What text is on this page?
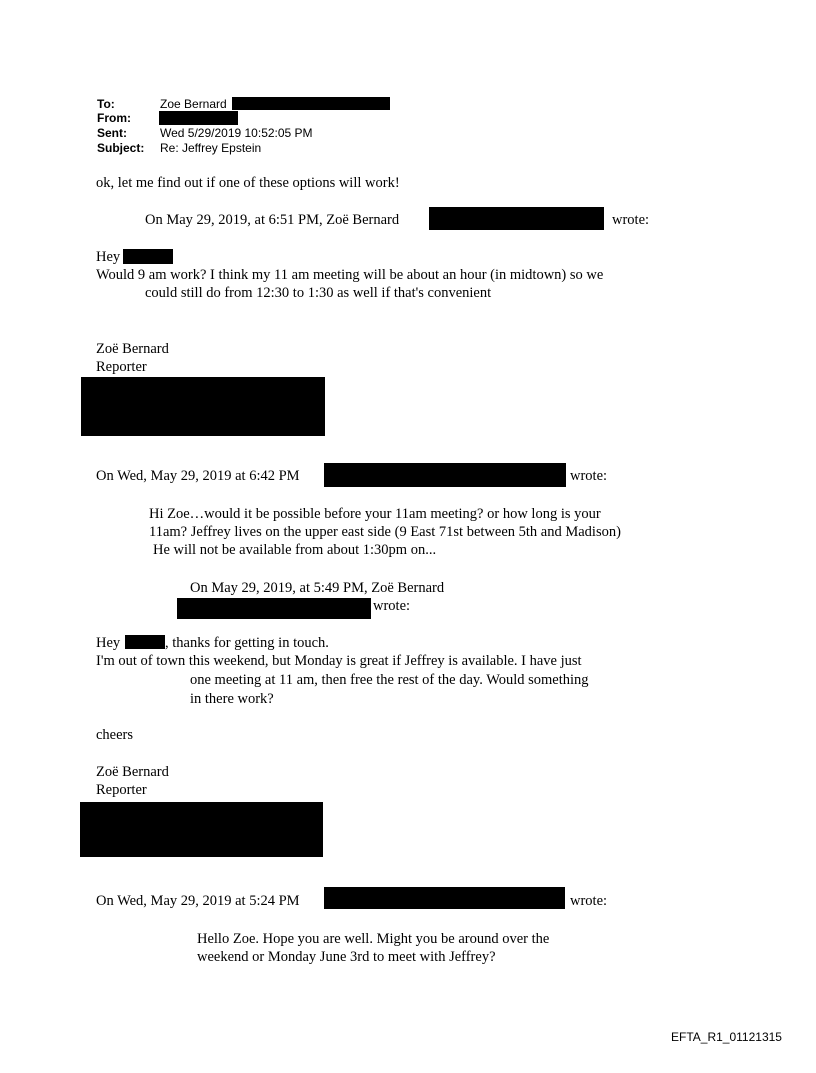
To:	Zoe Bernard
From:
Sent:	Wed 5/29/2019 10:52:05 PM
Subject: Re: Jeffrey Epstein
ok, let me find out if one of these options will work!
On May 29, 2019, at 6:51 PM, Zoë Bernard	wrote:
Hey
Would 9 am work? I think my 11 am meeting will be about an hour (in midtown) so we
could still do from 12:30 to 1:30 as well if that's convenient
Zoë Bernard
Reporter
On Wed, May 29, 2019 at 6:42 PM	wrote:
Hi Zoe…would it be possible before your 11am meeting? or how long is your
11am? Jeffrey lives on the upper east side (9 East 71st between 5th and Madison)
He will not be available from about 1:30pm on...
On May 29, 2019, at 5:49 PM, Zoë Bernard
wrote:
Hey	, thanks for getting in touch.
I'm out of town this weekend, but Monday is great if Jeffrey is available. I have just
one meeting at 11 am, then free the rest of the day. Would something
in there work?
cheers
Zoë Bernard
Reporter
On Wed, May 29, 2019 at 5:24 PM	wrote:
Hello Zoe. Hope you are well. Might you be around over the
weekend or Monday June 3rd to meet with Jeffrey?
EFTA_R1_01121315
